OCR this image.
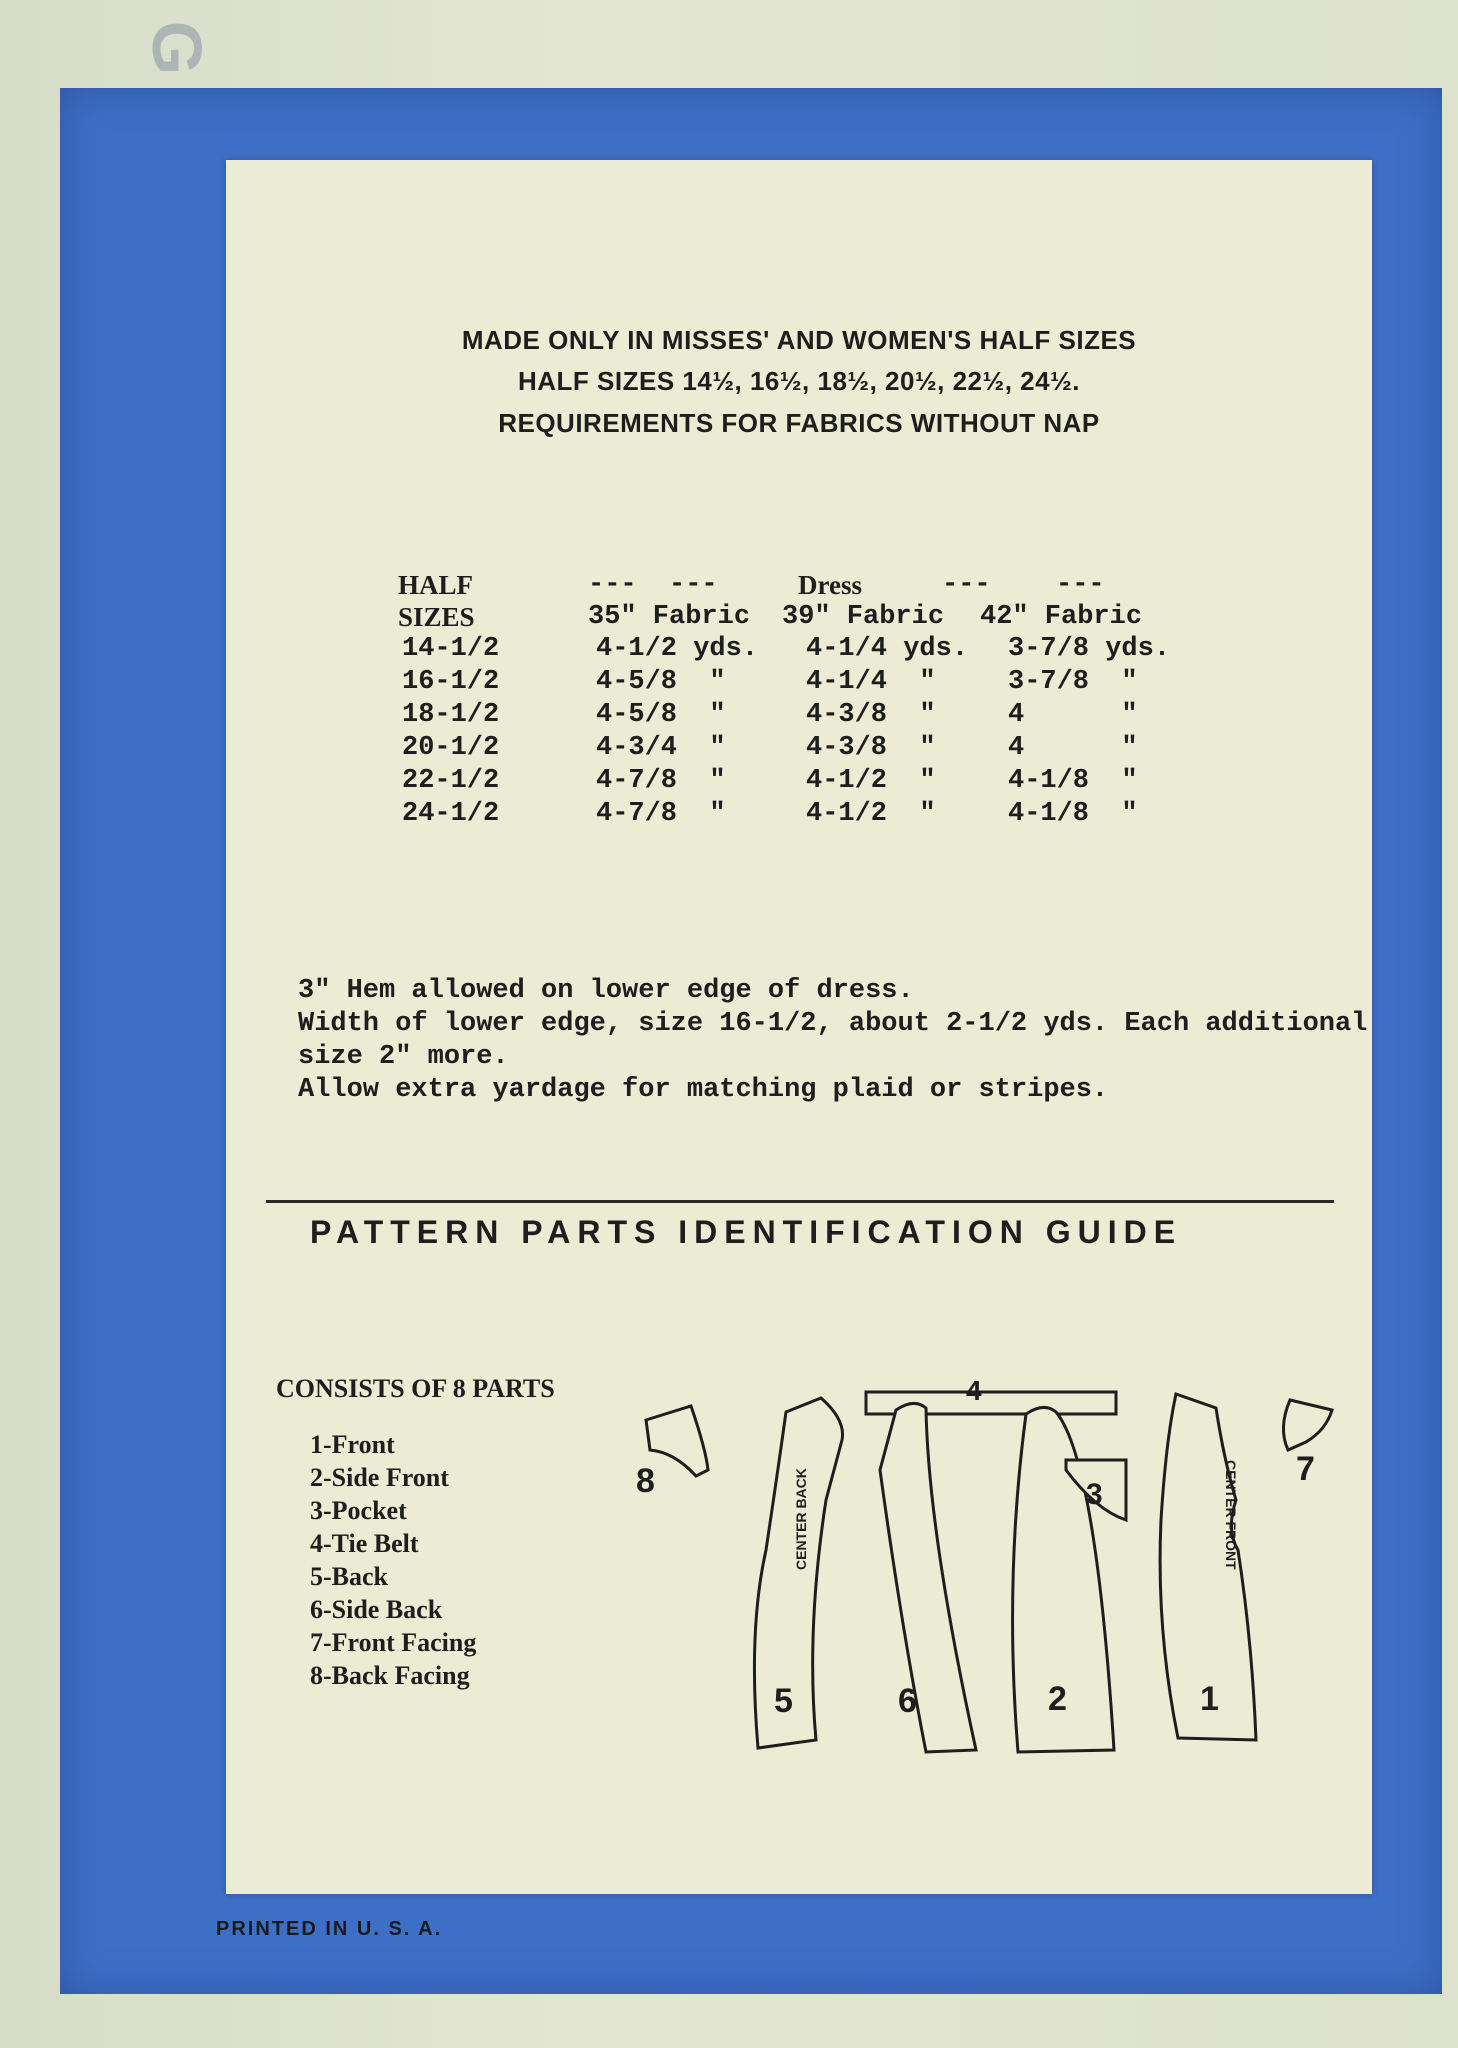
G
MADE ONLY IN MISSES' AND WOMEN'S HALF SIZES
HALF SIZES 14½, 16½, 18½, 20½, 22½, 24½.
REQUIREMENTS FOR FABRICS WITHOUT NAP
HALF	---  ---	Dress	--- ---
SIZES	35" Fabric 39" Fabric 42" Fabric
14-1/2	4-1/2 yds. 4-1/4 yds. 3-7/8 yds.
16-1/2	4-5/8  "	4-1/4  "	3-7/8  "
18-1/2	4-5/8  "	4-3/8  "	4      "
20-1/2	4-3/4  "	4-3/8  "	4      "
22-1/2	4-7/8  "	4-1/2  "	4-1/8  "
24-1/2	4-7/8  "	4-1/2  "	4-1/8  "
3" Hem allowed on lower edge of dress.
Width of lower edge, size 16-1/2, about 2-1/2 yds. Each additional
size 2" more.
Allow extra yardage for matching plaid or stripes.
PATTERN PARTS IDENTIFICATION GUIDE
CONSISTS OF 8 PARTS
1-Front
2-Side Front
3-Pocket
4-Tie Belt
5-Back
6-Side Back
7-Front Facing
8-Back Facing
4
8	7
3
5	6	2	1
CENTER BACK	CENTER FRONT
PRINTED IN U. S. A.
